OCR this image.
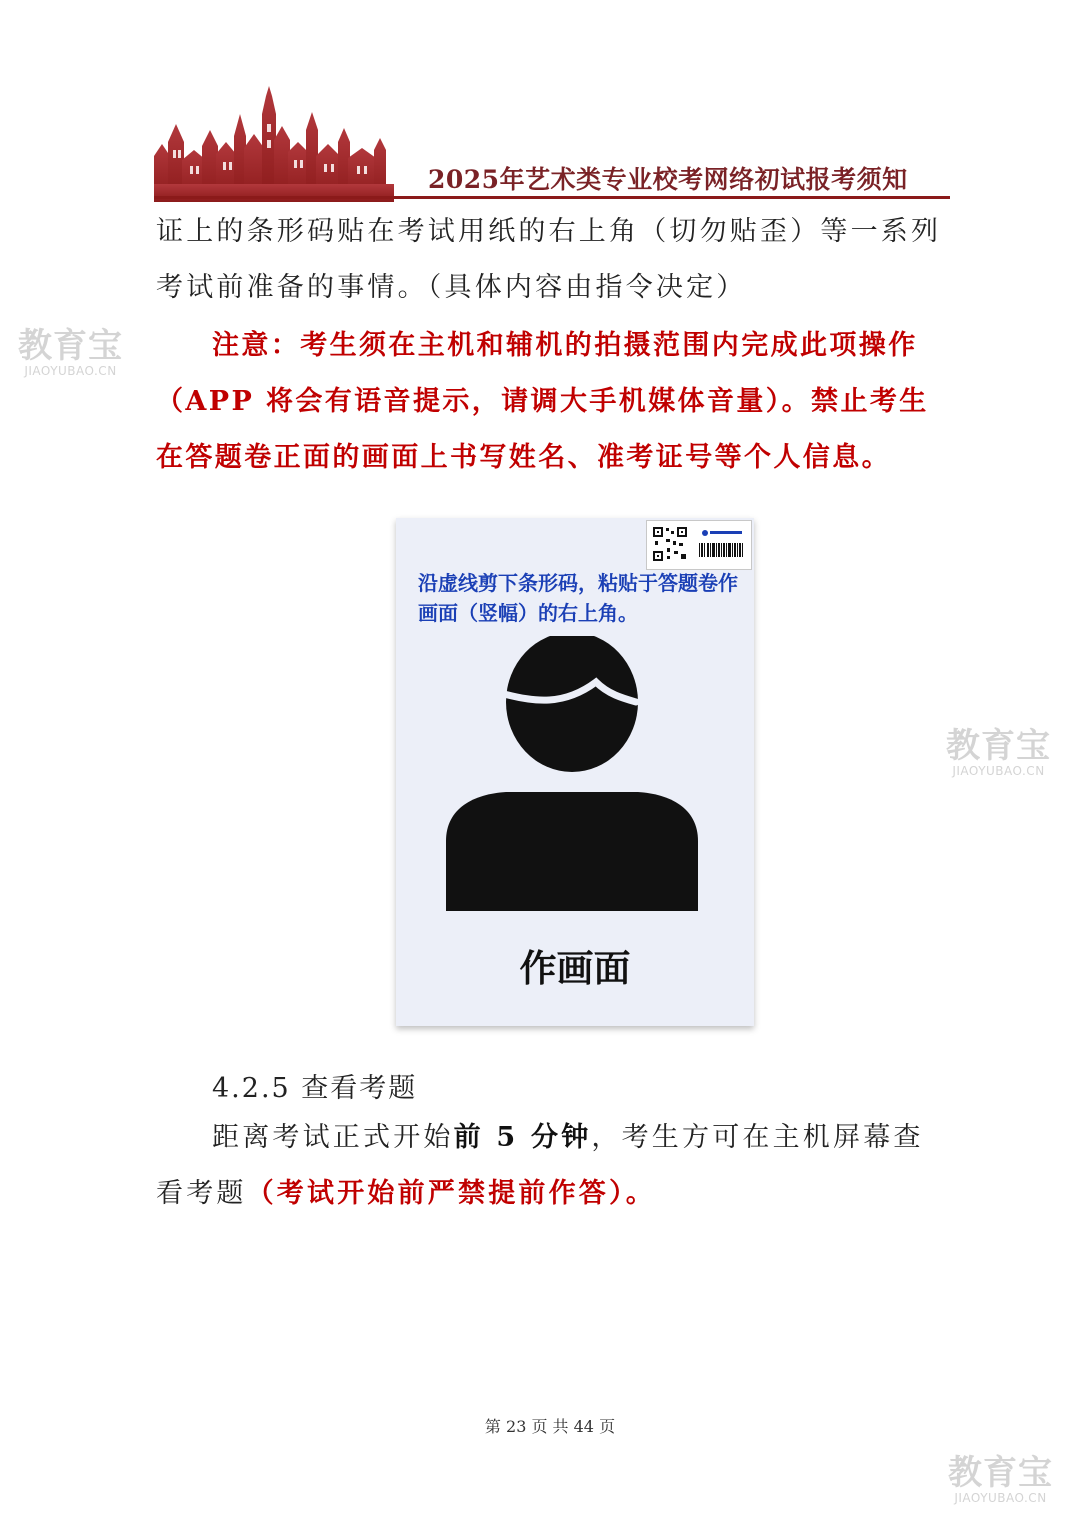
2025年艺术类专业校考网络初试报考须知

证上的条形码贴在考试用纸的右上角（切勿贴歪）等一系列考试前准备的事情。（具体内容由指令决定）

注意：考生须在主机和辅机的拍摄范围内完成此项操作（APP 将会有语音提示，请调大手机媒体音量）。禁止考生在答题卷正面的画面上书写姓名、准考证号等个人信息。

沿虚线剪下条形码，粘贴于答题卷作画面（竖幅）的右上角。

作画面

4.2.5 查看考题

距离考试正式开始前 5 分钟，考生方可在主机屏幕查看考题（考试开始前严禁提前作答）。

第 23 页 共 44 页
教育宝
JIAOYUBAO.CN
教育宝
JIAOYUBAO.CN
教育宝
JIAOYUBAO.CN
